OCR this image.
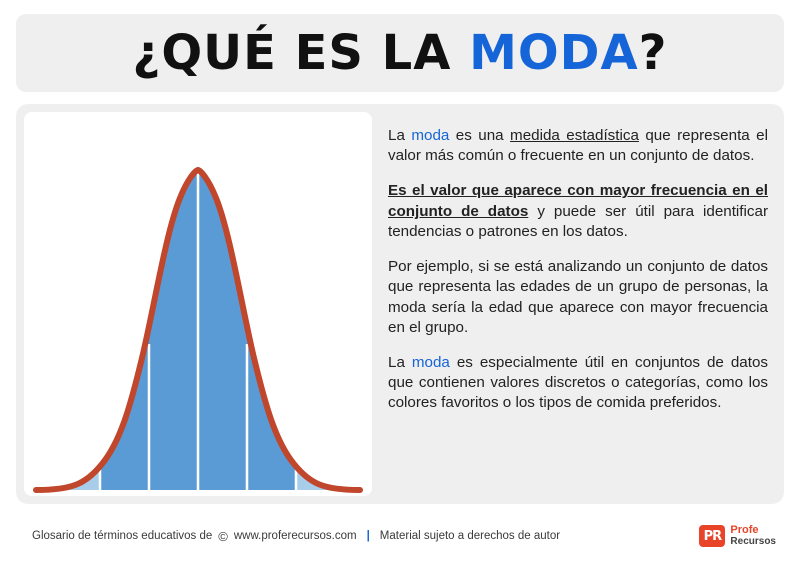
¿QUÉ ES LA MODA?

La moda es una medida estadística que representa el valor más común o frecuente en un conjunto de datos.

Es el valor que aparece con mayor frecuencia en el conjunto de datos y puede ser útil para identificar tendencias o patrones en los datos.

Por ejemplo, si se está analizando un conjunto de datos que representa las edades de un grupo de personas, la moda sería la edad que aparece con mayor frecuencia en el grupo.

La moda es especialmente útil en conjuntos de datos que contienen valores discretos o categorías, como los colores favoritos o los tipos de comida preferidos.

Glosario de términos educativos de © www.proferecursos.com | Material sujeto a derechos de autor	PR Profe
Recursos
